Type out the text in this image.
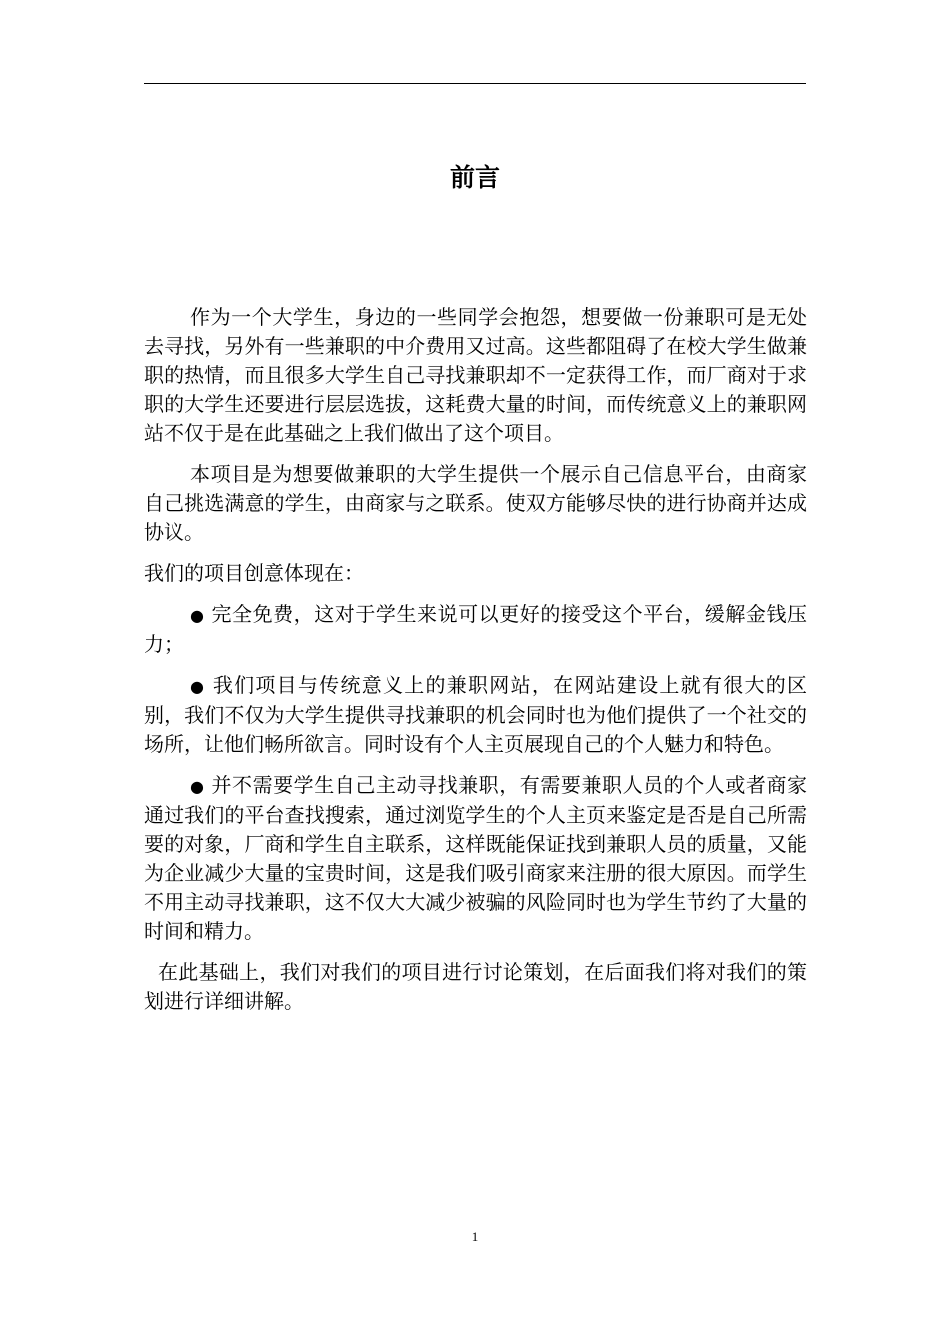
前言

作为一个大学生，身边的一些同学会抱怨，想要做一份兼职可是无处去寻找，另外有一些兼职的中介费用又过高。这些都阻碍了在校大学生做兼职的热情，而且很多大学生自己寻找兼职却不一定获得工作，而厂商对于求职的大学生还要进行层层选拔，这耗费大量的时间，而传统意义上的兼职网站不仅于是在此基础之上我们做出了这个项目。

本项目是为想要做兼职的大学生提供一个展示自己信息平台，由商家自己挑选满意的学生，由商家与之联系。使双方能够尽快的进行协商并达成协议。

我们的项目创意体现在：

● 完全免费，这对于学生来说可以更好的接受这个平台，缓解金钱压力；

● 我们项目与传统意义上的兼职网站，在网站建设上就有很大的区别，我们不仅为大学生提供寻找兼职的机会同时也为他们提供了一个社交的场所，让他们畅所欲言。同时设有个人主页展现自己的个人魅力和特色。

● 并不需要学生自己主动寻找兼职，有需要兼职人员的个人或者商家通过我们的平台查找搜索，通过浏览学生的个人主页来鉴定是否是自己所需要的对象，厂商和学生自主联系，这样既能保证找到兼职人员的质量，又能为企业减少大量的宝贵时间，这是我们吸引商家来注册的很大原因。而学生不用主动寻找兼职，这不仅大大减少被骗的风险同时也为学生节约了大量的时间和精力。

在此基础上，我们对我们的项目进行讨论策划，在后面我们将对我们的策划进行详细讲解。

1
